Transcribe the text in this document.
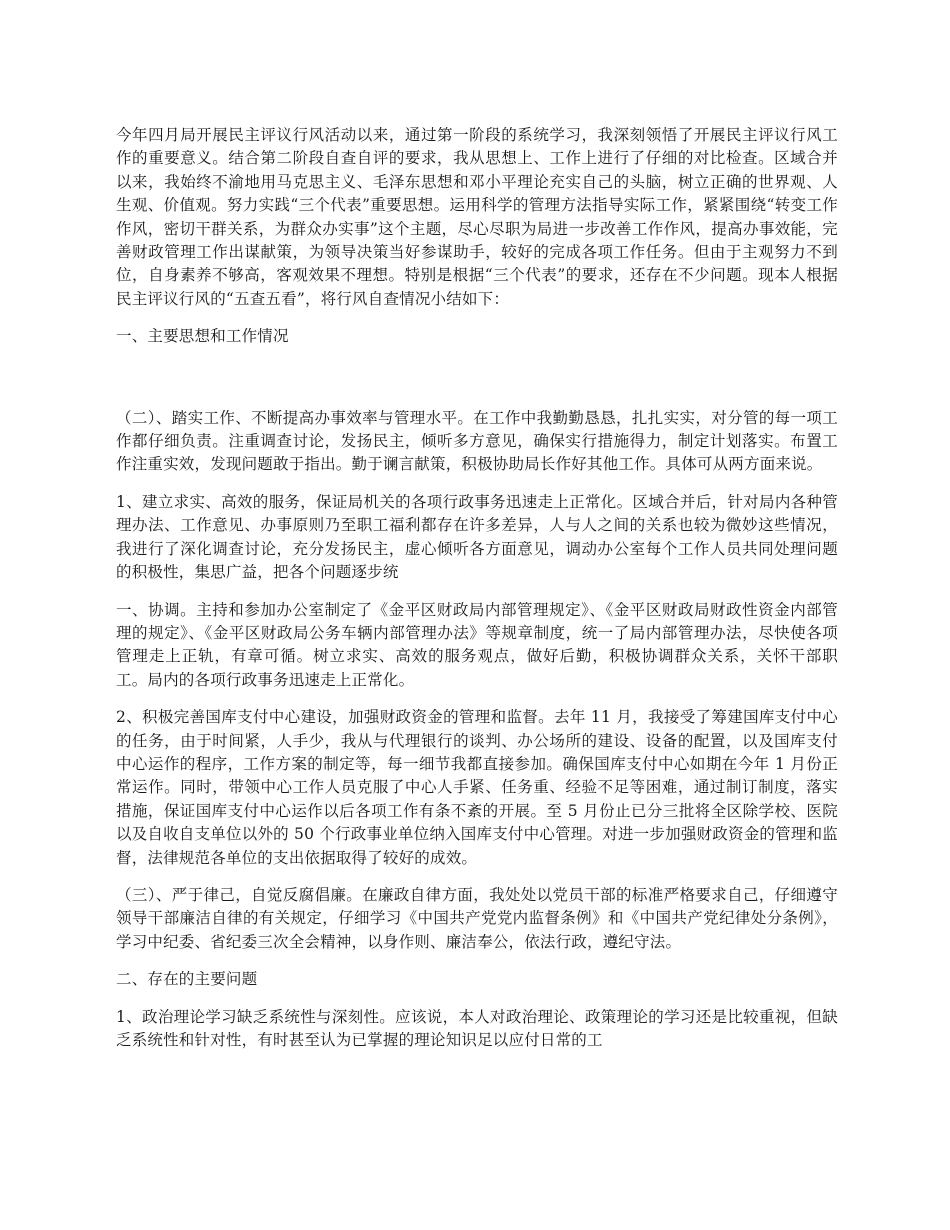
今年四月局开展民主评议行风活动以来，通过第一阶段的系统学习，我深刻领悟了开展民主评议行风工作的重要意义。结合第二阶段自查自评的要求，我从思想上、工作上进行了仔细的对比检查。区域合并以来，我始终不渝地用马克思主义、毛泽东思想和邓小平理论充实自己的头脑，树立正确的世界观、人生观、价值观。努力实践“三个代表”重要思想。运用科学的管理方法指导实际工作，紧紧围绕“转变工作作风，密切干群关系，为群众办实事”这个主题，尽心尽职为局进一步改善工作作风，提高办事效能，完善财政管理工作出谋献策，为领导决策当好参谋助手，较好的完成各项工作任务。但由于主观努力不到位，自身素养不够高，客观效果不理想。特别是根据“三个代表”的要求，还存在不少问题。现本人根据民主评议行风的“五查五看”，将行风自查情况小结如下：

一、主要思想和工作情况

（二）、踏实工作、不断提高办事效率与管理水平。在工作中我勤勤恳恳，扎扎实实，对分管的每一项工作都仔细负责。注重调查讨论，发扬民主，倾听多方意见，确保实行措施得力，制定计划落实。布置工作注重实效，发现问题敢于指出。勤于谰言献策，积极协助局长作好其他工作。具体可从两方面来说。

1、建立求实、高效的服务，保证局机关的各项行政事务迅速走上正常化。区域合并后，针对局内各种管理办法、工作意见、办事原则乃至职工福利都存在许多差异，人与人之间的关系也较为微妙这些情况，我进行了深化调查讨论，充分发扬民主，虚心倾听各方面意见，调动办公室每个工作人员共同处理问题的积极性，集思广益，把各个问题逐步统

一、协调。主持和参加办公室制定了《金平区财政局内部管理规定》、《金平区财政局财政性资金内部管理的规定》、《金平区财政局公务车辆内部管理办法》等规章制度，统一了局内部管理办法，尽快使各项管理走上正轨，有章可循。树立求实、高效的服务观点，做好后勤，积极协调群众关系，关怀干部职工。局内的各项行政事务迅速走上正常化。

2、积极完善国库支付中心建设，加强财政资金的管理和监督。去年 11 月，我接受了筹建国库支付中心的任务，由于时间紧，人手少，我从与代理银行的谈判、办公场所的建设、设备的配置，以及国库支付中心运作的程序，工作方案的制定等，每一细节我都直接参加。确保国库支付中心如期在今年 1 月份正常运作。同时，带领中心工作人员克服了中心人手紧、任务重、经验不足等困难，通过制订制度，落实措施，保证国库支付中心运作以后各项工作有条不紊的开展。至 5 月份止已分三批将全区除学校、医院以及自收自支单位以外的 50 个行政事业单位纳入国库支付中心管理。对进一步加强财政资金的管理和监督，法律规范各单位的支出依据取得了较好的成效。

（三）、严于律己，自觉反腐倡廉。在廉政自律方面，我处处以党员干部的标准严格要求自己，仔细遵守领导干部廉洁自律的有关规定，仔细学习《中国共产党党内监督条例》和《中国共产党纪律处分条例》，学习中纪委、省纪委三次全会精神，以身作则、廉洁奉公，依法行政，遵纪守法。

二、存在的主要问题

1、政治理论学习缺乏系统性与深刻性。应该说，本人对政治理论、政策理论的学习还是比较重视，但缺乏系统性和针对性，有时甚至认为已掌握的理论知识足以应付日常的工
